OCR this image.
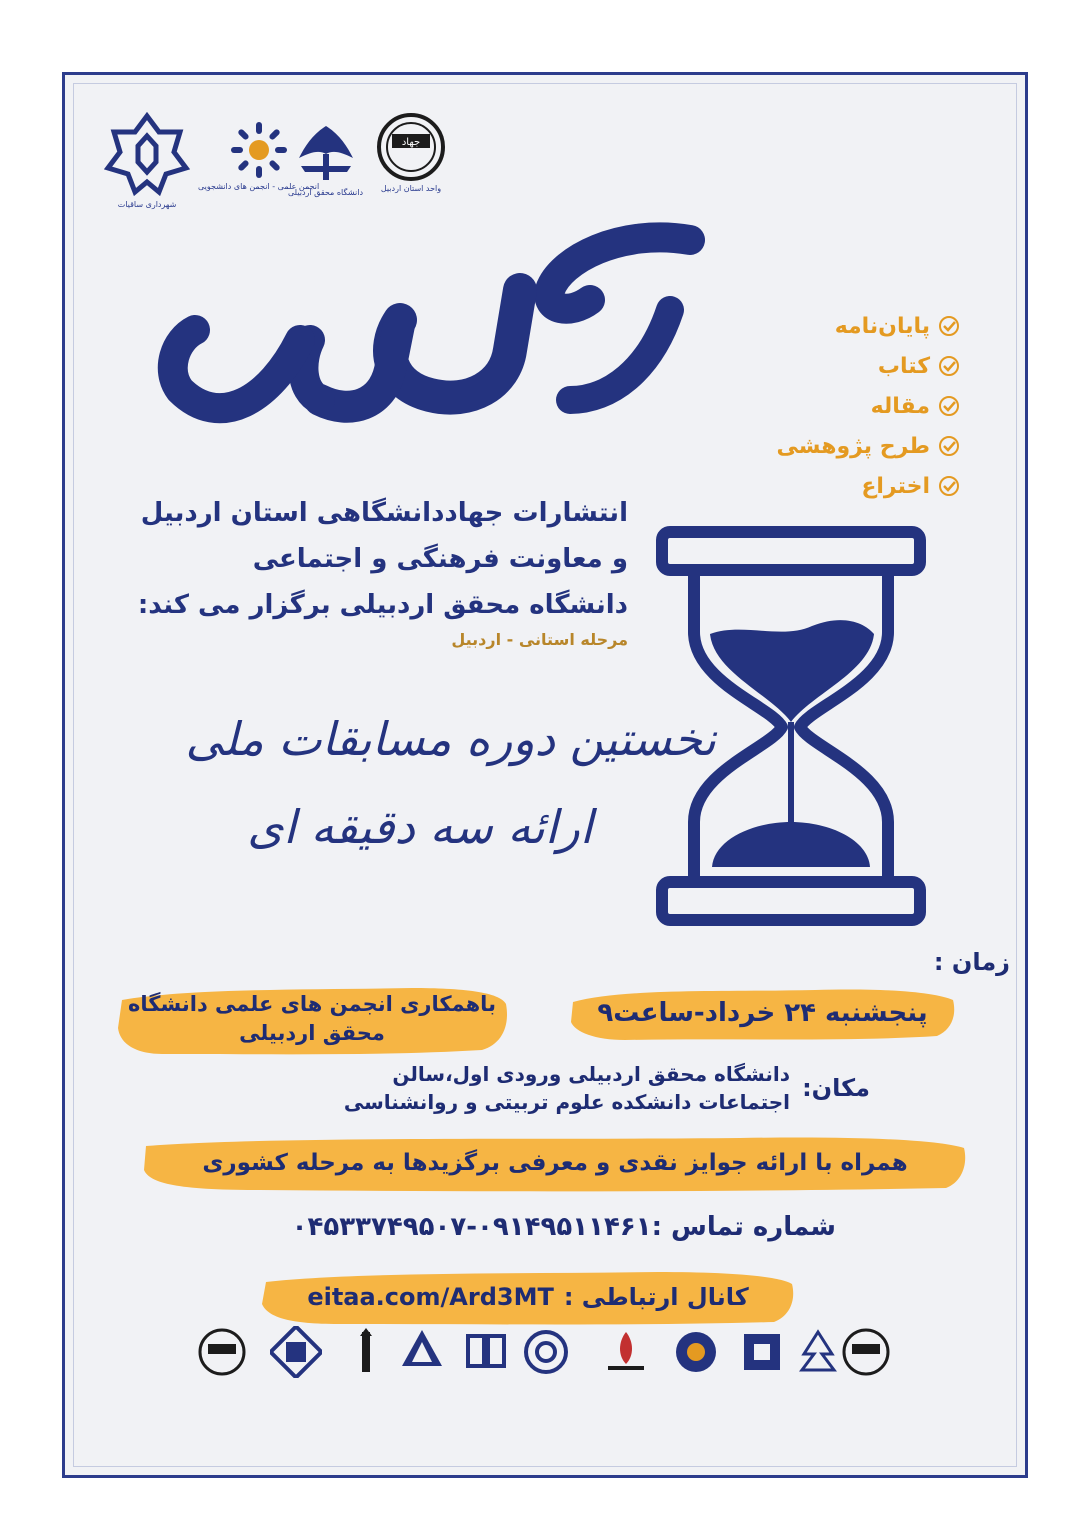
شهرداری ساقیات
انجمن علمی - انجمن های دانشجویی
دانشگاه محقق اردبیلی
جهاد
واحد استان اردبیل
پایان‌نامه
کتاب
مقاله
طرح پژوهشی
اختراع
انتشارات جهاددانشگاهی استان اردبیل
و معاونت فرهنگی و اجتماعی
دانشگاه محقق اردبیلی برگزار می کند:
مرحله استانی - اردبیل
نخستین دوره مسابقات ملی
ارائه سه دقیقه ای
زمان :
پنجشنبه ۲۴ خرداد-ساعت۹
باهمکاری انجمن های علمی دانشگاه
محقق اردبیلی
دانشگاه محقق اردبیلی ورودی اول،سالن
اجتماعات دانشکده علوم تربیتی و روانشناسی مکان:
همراه با ارائه جوایز نقدی و معرفی برگزیدها به مرحله کشوری
شماره تماس :۰۹۱۴۹۵۱۱۴۶۱-۰۴۵۳۳۷۴۹۵۰۷
کانال ارتباطی :
eitaa.com/Ard3MT
